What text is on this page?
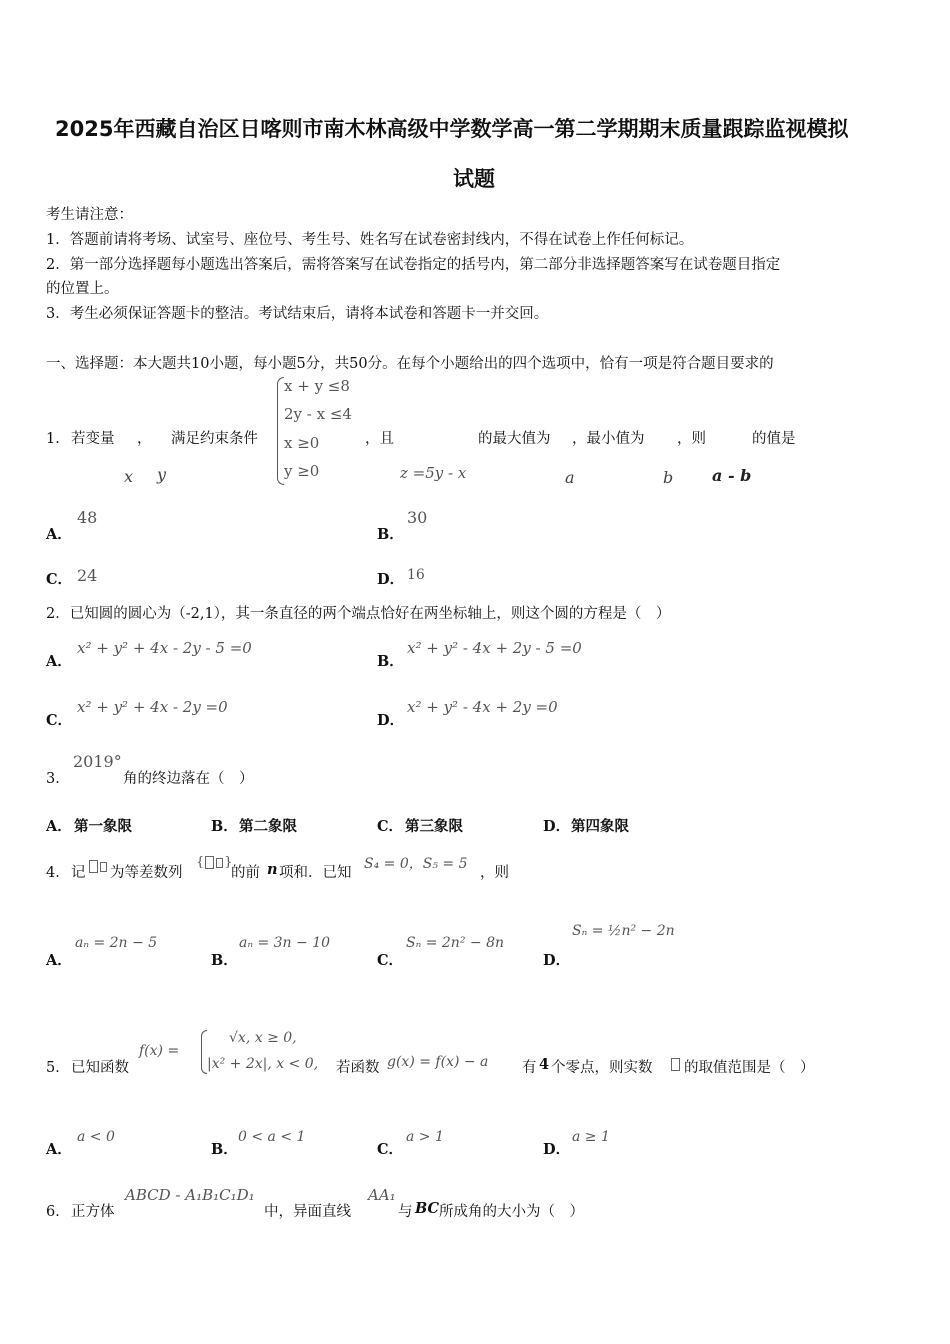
2025年西藏自治区日喀则市南木林高级中学数学高一第二学期期末质量跟踪监视模拟
试题
考生请注意：
1．答题前请将考场、试室号、座位号、考生号、姓名写在试卷密封线内，不得在试卷上作任何标记。
2．第一部分选择题每小题选出答案后，需将答案写在试卷指定的括号内，第二部分非选择题答案写在试卷题目指定
的位置上。
3．考生必须保证答题卡的整洁。考试结束后，请将本试卷和答题卡一并交回。
一、选择题：本大题共10小题，每小题5分，共50分。在每个小题给出的四个选项中，恰有一项是符合题目要求的
1． 若变量 ， 满足约束条件
x y
x + y ≤8
2y - x ≤4
x ≥0
y ≥0
，且
z =5y - x
的最大值为
a
，最小值为
b
，则
a - b
的值是
A．
48
B．
30
C． 24	D． 16
2．已知圆的圆心为（-2,1），其一条直径的两个端点恰好在两坐标轴上，则这个圆的方程是（　）
A．
x² + y² + 4x - 2y - 5 =0
B．
x² + y² - 4x + 2y - 5 =0
C．
x² + y² + 4x - 2y =0
D．
x² + y² - 4x + 2y =0
3．
2019°
角的终边落在（　）
A． 第一象限	B． 第二象限	C． 第三象限	D． 第四象限
4． 记 为等差数列
{ }
的前 n 项和．已知
S₄ = 0，S₅ = 5
，则
A．
aₙ = 2n − 5
B．
aₙ = 3n − 10
C．
Sₙ = 2n² − 8n
D．
Sₙ = ½n² − 2n
5． 已知函数
f(x) =
√x, x ≥ 0,
|x² + 2x|, x < 0, 若函数 g(x) = f(x) − a 有 4 个零点，则实数 的取值范围是（　）
A．
a < 0
B．
0 < a < 1
C．
a > 1
D．
a ≥ 1
6． 正方体
ABCD - A₁B₁C₁D₁
中，异面直线
AA₁
与 BC 所成角的大小为（　）
